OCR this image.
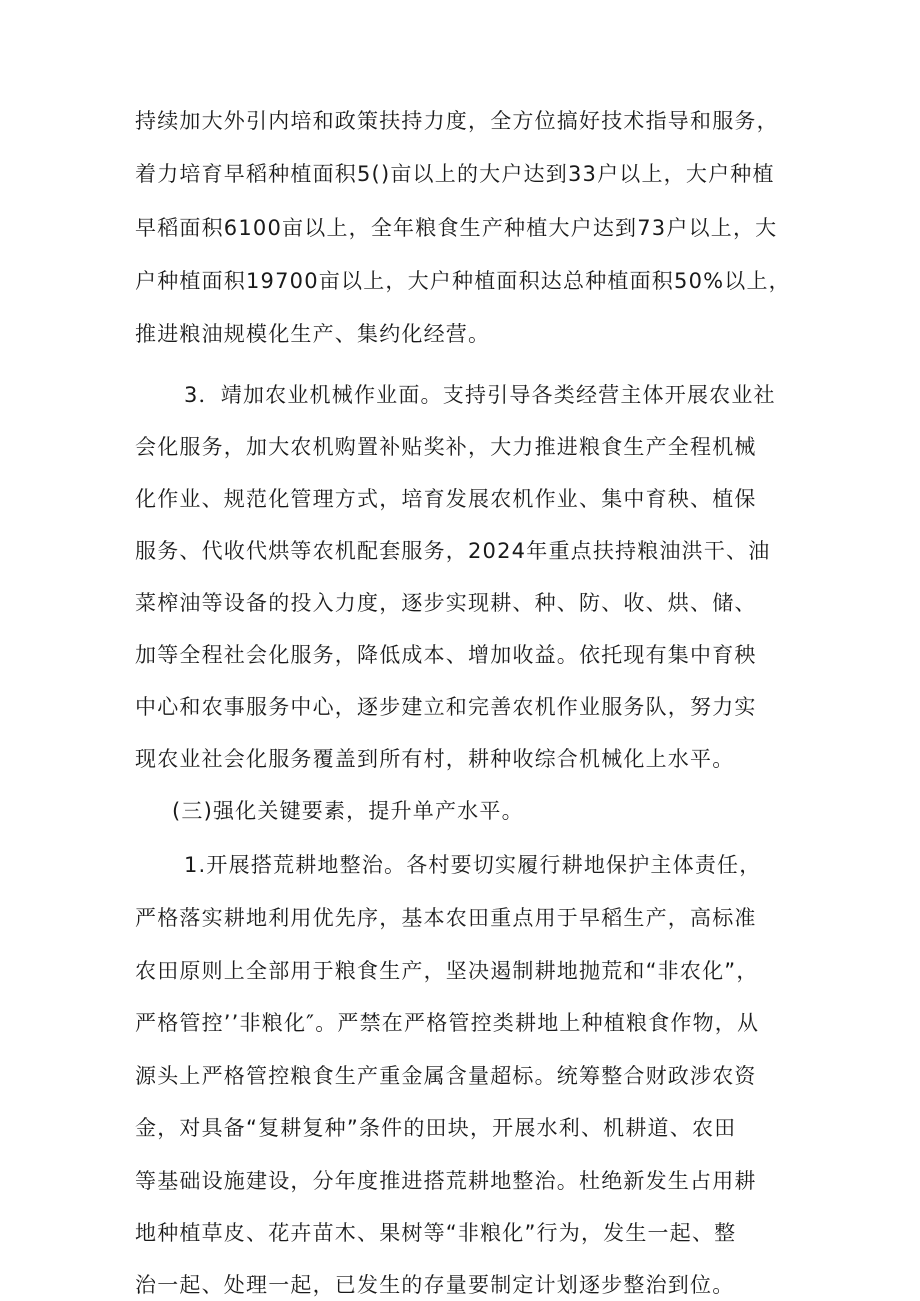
持续加大外引内培和政策扶持力度，全方位搞好技术指导和服务，

着力培育早稻种植面积5()亩以上的大户达到33户以上，大户种植

早稻面积6100亩以上，全年粮食生产种植大户达到73户以上，大

户种植面积19700亩以上，大户种植面积达总种植面积50%以上，

推进粮油规模化生产、集约化经营。

3．靖加农业机械作业面。支持引导各类经营主体开展农业社

会化服务，加大农机购置补贴奖补，大力推进粮食生产全程机械

化作业、规范化管理方式，培育发展农机作业、集中育秧、植保

服务、代收代烘等农机配套服务，2024年重点扶持粮油洪干、油

菜榨油等设备的投入力度，逐步实现耕、种、防、收、烘、储、

加等全程社会化服务，降低成本、增加收益。依托现有集中育秧

中心和农事服务中心，逐步建立和完善农机作业服务队，努力实

现农业社会化服务覆盖到所有村，耕种收综合机械化上水平。

(三)强化关键要素，提升单产水平。

1.开展搭荒耕地整治。各村要切实履行耕地保护主体责任，

严格落实耕地利用优先序，基本农田重点用于早稻生产，高标准

农田原则上全部用于粮食生产，坚决遏制耕地抛荒和“非农化”，

严格管控’’非粮化″。严禁在严格管控类耕地上种植粮食作物，从

源头上严格管控粮食生产重金属含量超标。统筹整合财政涉农资

金，对具备“复耕复种”条件的田块，开展水利、机耕道、农田

等基础设施建设，分年度推进搭荒耕地整治。杜绝新发生占用耕

地种植草皮、花卉苗木、果树等“非粮化”行为，发生一起、整

治一起、处理一起，已发生的存量要制定计划逐步整治到位。
